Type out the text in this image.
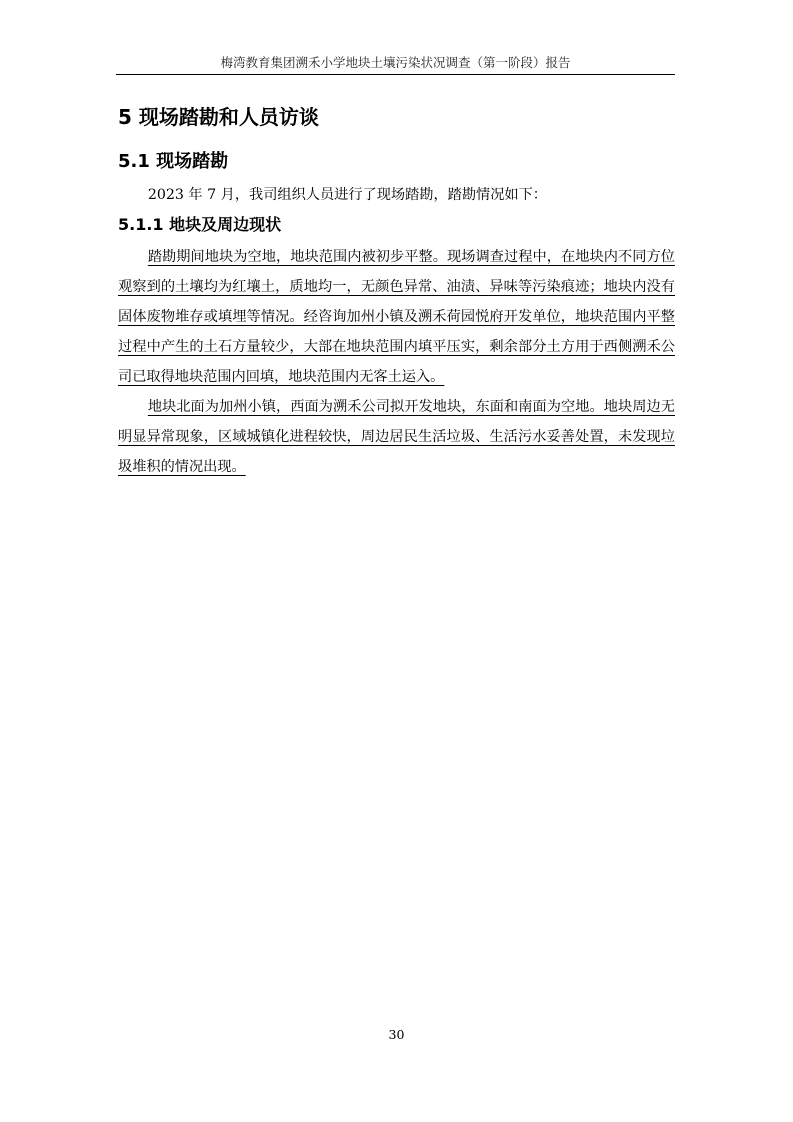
梅湾教育集团溯禾小学地块土壤污染状况调查（第一阶段）报告
5 现场踏勘和人员访谈
5.1 现场踏勘

2023 年 7 月，我司组织人员进行了现场踏勘，踏勘情况如下：

5.1.1 地块及周边现状

踏勘期间地块为空地，地块范围内被初步平整。现场调查过程中，在地块内不同方位观察到的土壤均为红壤土，质地均一，无颜色异常、油渍、异味等污染痕迹；地块内没有固体废物堆存或填埋等情况。经咨询加州小镇及溯禾荷园悦府开发单位，地块范围内平整过程中产生的土石方量较少，大部在地块范围内填平压实，剩余部分土方用于西侧溯禾公司已取得地块范围内回填，地块范围内无客土运入。

地块北面为加州小镇，西面为溯禾公司拟开发地块，东面和南面为空地。地块周边无明显异常现象，区域城镇化进程较快，周边居民生活垃圾、生活污水妥善处置，未发现垃圾堆积的情况出现。

30
